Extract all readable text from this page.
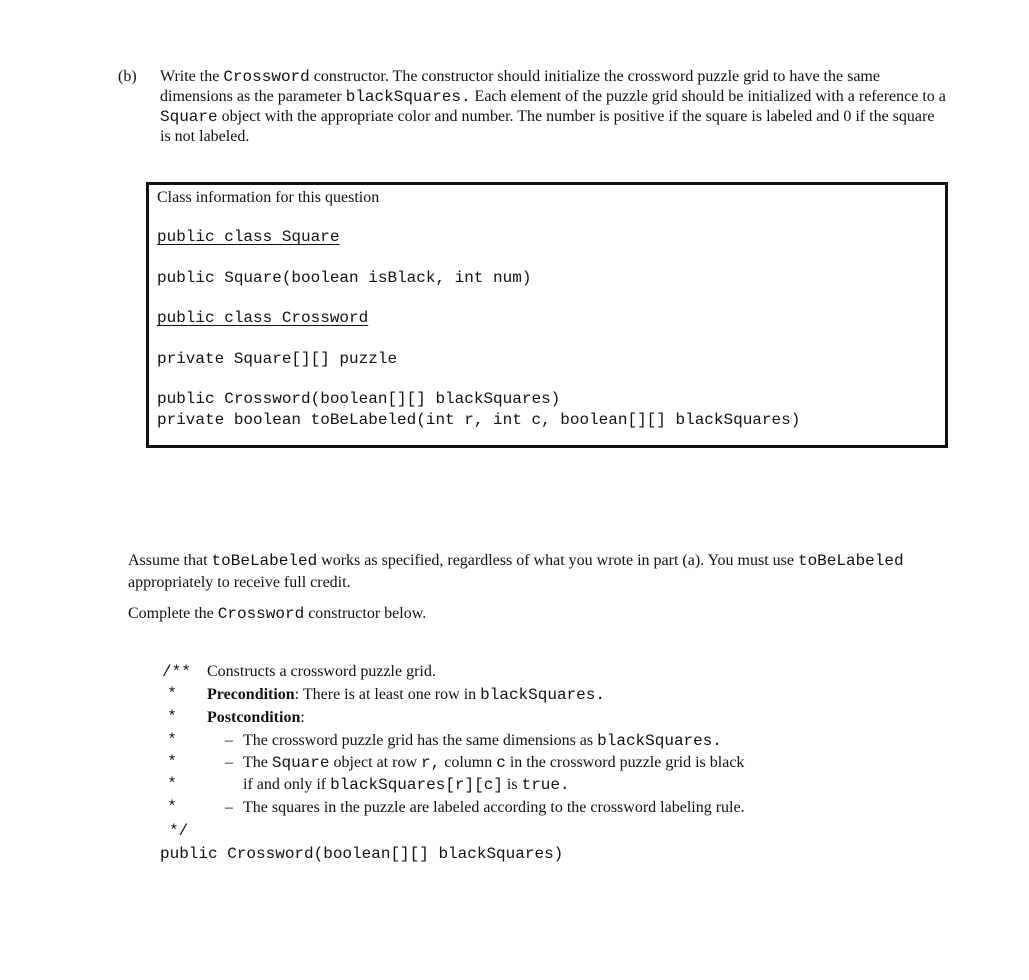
(b) Write the Crossword constructor. The constructor should initialize the crossword puzzle grid to have the same dimensions as the parameter blackSquares. Each element of the puzzle grid should be initialized with a reference to a Square object with the appropriate color and number. The number is positive if the square is labeled and 0 if the square is not labeled.
Class information for this question
public class Square
public Square(boolean isBlack, int num)
public class Crossword
private Square[][] puzzle
public Crossword(boolean[][] blackSquares)
private boolean toBeLabeled(int r, int c, boolean[][] blackSquares)
Assume that toBeLabeled works as specified, regardless of what you wrote in part (a). You must use toBeLabeled appropriately to receive full credit.
Complete the Crossword constructor below.
/** Constructs a crossword puzzle grid.
* Precondition: There is at least one row in blackSquares.
* Postcondition:
*	– The crossword puzzle grid has the same dimensions as blackSquares.
*	– The Square object at row r, column c in the crossword puzzle grid is black
*	if and only if blackSquares[r][c] is true.
*	– The squares in the puzzle are labeled according to the crossword labeling rule.
*/
public Crossword(boolean[][] blackSquares)
